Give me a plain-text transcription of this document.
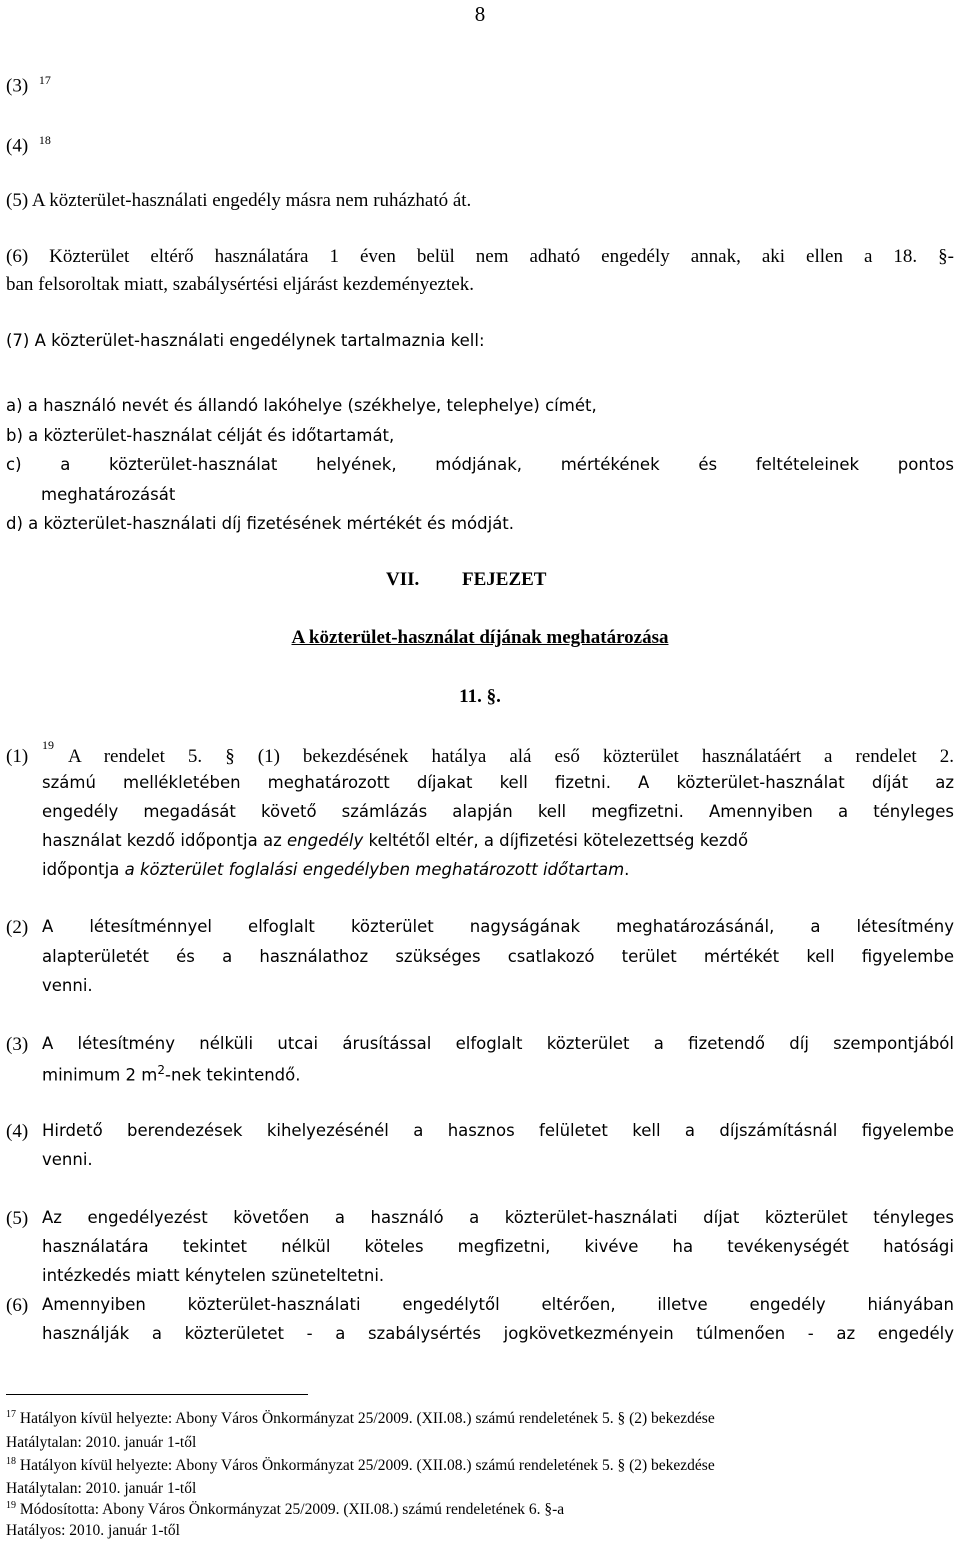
8
(3) $^{17}$
(4) $^{18}$
(5) A közterület-használati engedély másra nem ruházható át.
(6) Közterület eltérő használatára 1 éven belül nem adható engedély annak, aki ellen a 18. §-
ban felsoroltak miatt, szabálysértési eljárást kezdeményeztek.
(7) A közterület-használati engedélynek tartalmaznia kell:
a) a használó nevét és állandó lakóhelye (székhelye, telephelye) címét,
b) a közterület-használat célját és időtartamát,
c) a közterület-használat helyének, módjának, mértékének és feltételeinek pontos
meghatározását
d) a közterület-használati díj fizetésének mértékét és módját.
VII. FEJEZET
A közterület-használat díjának meghatározása
11. §.
(1)
19
A rendelet 5. § (1) bekezdésének hatálya alá eső közterület használatáért a rendelet 2.
számú mellékletében meghatározott díjakat kell fizetni. A közterület-használat díját az
engedély megadását követő számlázás alapján kell megfizetni. Amennyiben a tényleges
használat kezdő időpontja az engedély keltétől eltér, a díjfizetési kötelezettség kezdő
időpontja a közterület foglalási engedélyben meghatározott időtartam.
(2) A létesítménnyel elfoglalt közterület nagyságának meghatározásánál, a létesítmény
alapterületét és a használathoz szükséges csatlakozó terület mértékét kell figyelembe
venni.
(3) A létesítmény nélküli utcai árusítással elfoglalt közterület a fizetendő díj szempontjából
minimum 2 $m^2$-nek tekintendő.
(4) Hirdető berendezések kihelyezésénél a hasznos felületet kell a díjszámításnál figyelembe
venni.
(5) Az engedélyezést követően a használó a közterület-használati díjat közterület tényleges
használatára tekintet nélkül köteles megfizetni, kivéve ha tevékenységét hatósági
intézkedés miatt kénytelen szüneteltetni.
(6) Amennyiben közterület-használati engedélytől eltérően, illetve engedély hiányában
használják a közterületet - a szabálysértés jogkövetkezményein túlmenően - az engedély
$^{17}$ Hatályon kívül helyezte: Abony Város Önkormányzat 25/2009. (XII.08.) számú rendeletének 5. § (2) bekezdése
Hatálytalan: 2010. január 1-től
$^{18}$ Hatályon kívül helyezte: Abony Város Önkormányzat 25/2009. (XII.08.) számú rendeletének 5. § (2) bekezdése
Hatálytalan: 2010. január 1-től
$^{19}$ Módosította: Abony Város Önkormányzat 25/2009. (XII.08.) számú rendeletének 6. §-a
Hatályos: 2010. január 1-től
